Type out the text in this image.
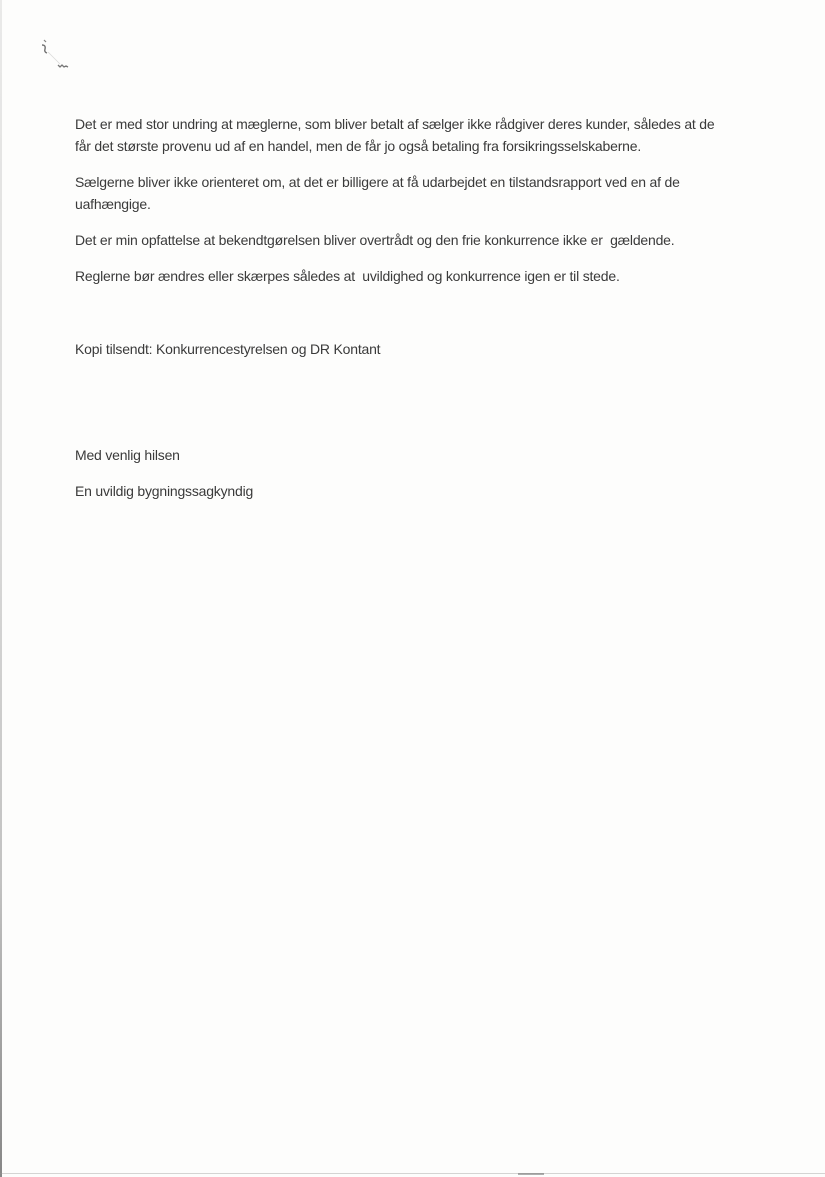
Det er med stor undring at mæglerne, som bliver betalt af sælger ikke rådgiver deres kunder, således at de
får det største provenu ud af en handel, men de får jo også betaling fra forsikringsselskaberne.

Sælgerne bliver ikke orienteret om, at det er billigere at få udarbejdet en tilstandsrapport ved en af de
uafhængige.

Det er min opfattelse at bekendtgørelsen bliver overtrådt og den frie konkurrence ikke er  gældende.

Reglerne bør ændres eller skærpes således at  uvildighed og konkurrence igen er til stede.

Kopi tilsendt: Konkurrencestyrelsen og DR Kontant

Med venlig hilsen

En uvildig bygningssagkyndig
